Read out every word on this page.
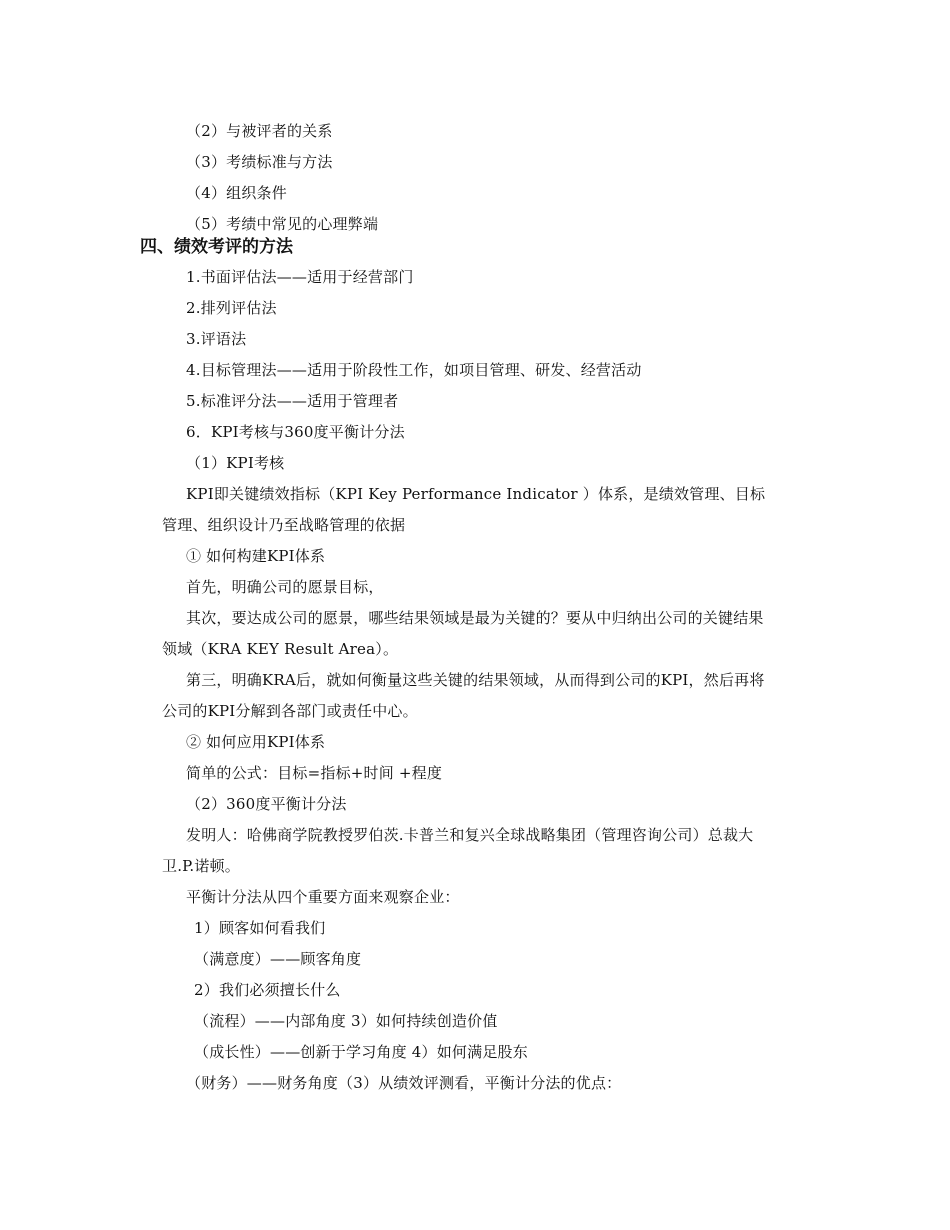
（2）与被评者的关系
（3）考绩标准与方法
（4）组织条件
（5）考绩中常见的心理弊端
四、绩效考评的方法
1.书面评估法——适用于经营部门
2.排列评估法
3.评语法
4.目标管理法——适用于阶段性工作，如项目管理、研发、经营活动
5.标准评分法——适用于管理者
6．KPI考核与360度平衡计分法
（1）KPI考核
KPI即关键绩效指标（KPI Key Performance Indicator ）体系，是绩效管理、目标
管理、组织设计乃至战略管理的依据
① 如何构建KPI体系
首先，明确公司的愿景目标，
其次，要达成公司的愿景，哪些结果领域是最为关键的？要从中归纳出公司的关键结果
领域（KRA KEY Result Area）。
第三，明确KRA后，就如何衡量这些关键的结果领域，从而得到公司的KPI，然后再将
公司的KPI分解到各部门或责任中心。
② 如何应用KPI体系
简单的公式：目标=指标+时间 +程度
（2）360度平衡计分法
发明人：哈佛商学院教授罗伯茨.卡普兰和复兴全球战略集团（管理咨询公司）总裁大
卫.P.诺顿。
平衡计分法从四个重要方面来观察企业：
1）顾客如何看我们
（满意度）——顾客角度
2）我们必须擅长什么
（流程）——内部角度 3）如何持续创造价值
（成长性）——创新于学习角度 4）如何满足股东
（财务）——财务角度（3）从绩效评测看，平衡计分法的优点：
